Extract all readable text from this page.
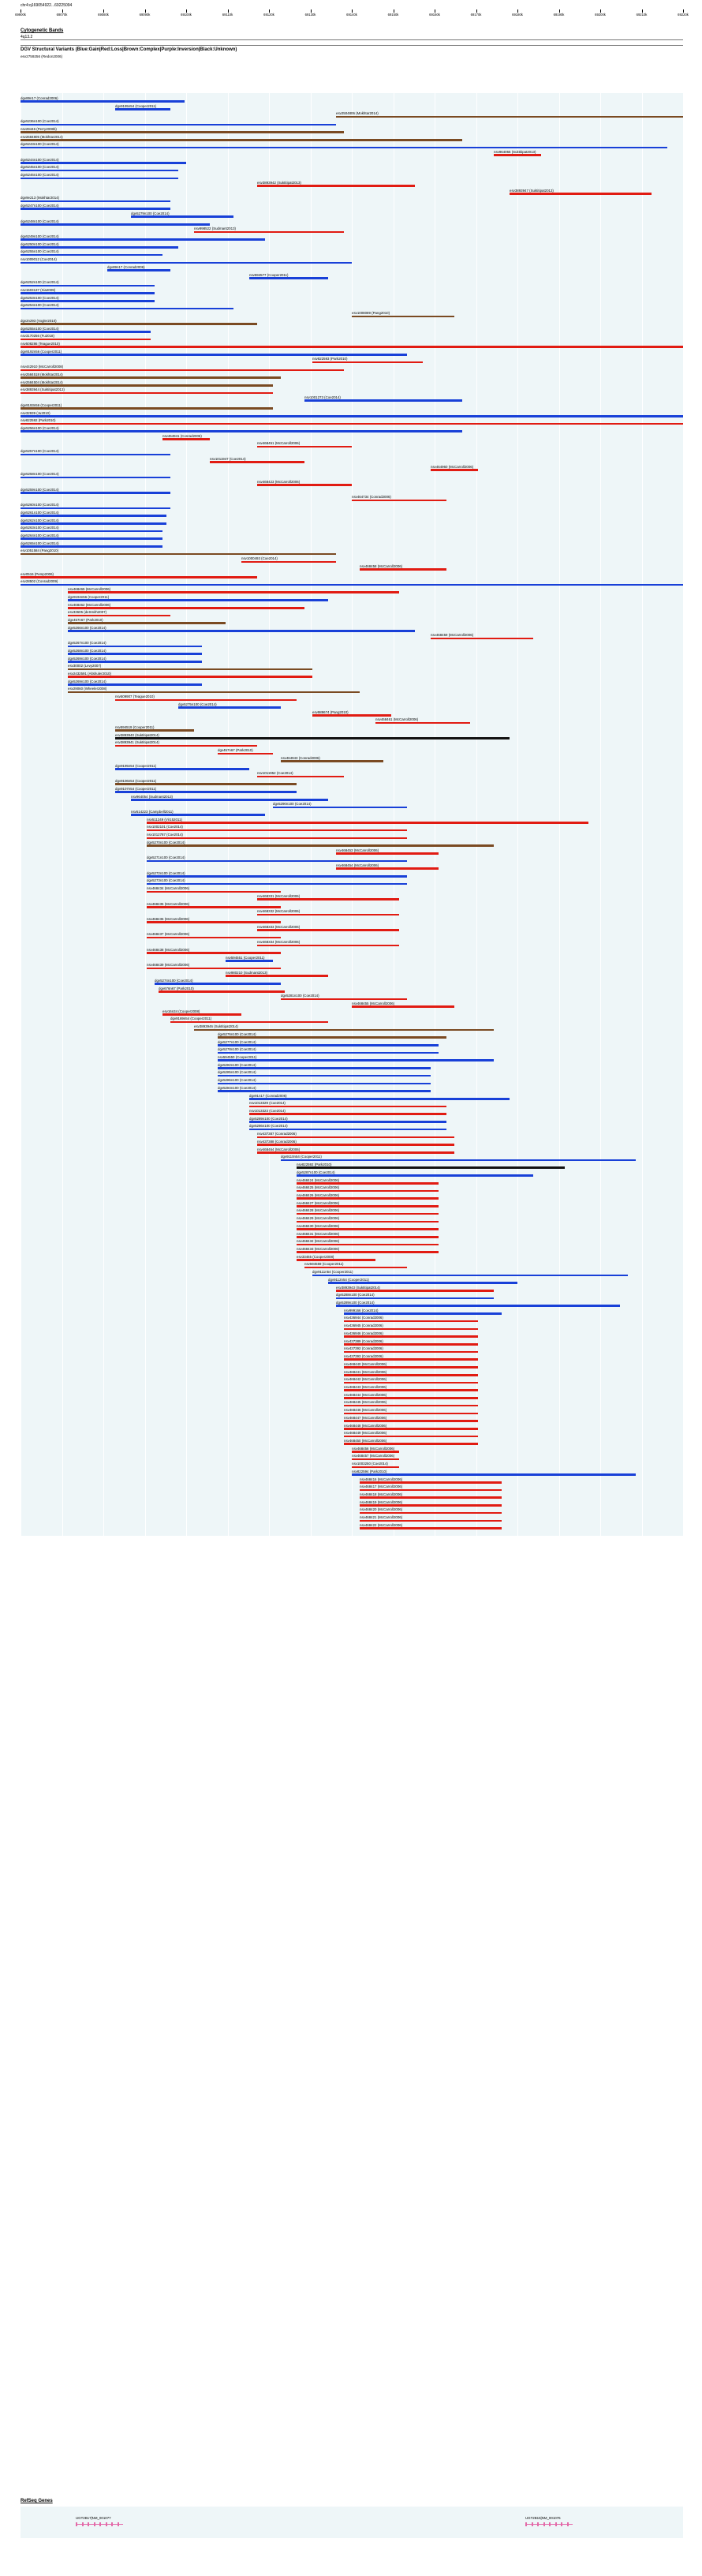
chr4:q169054922...69225094
69900k	69070k	69080k	69090k	69100k	69110k	69120k	69130k	69140k	69150k	69160k	69170k	69180k	69190k	69200k	69210k	69220k
Cytogenetic Bands
4q13.2
DGV Structural Variants (Blue:Gain|Red:Loss|Brown:Complex|Purple:Inversion|Black:Unknown)
esv2759256 (Redon2006)
dgv89n17 (Conrad2006)
dgv9195n54 (Cooper2011)
esv2504806 (Mokhtar2014)
dgv5236n100 (Coe2014)
nsv29446 (Perry2008b)
esv2684805 (Mokhtar2014)
dgv5243n100 (Coe2014)
nsv964055 (Suktitipat2013)
dgv5244n100 (Coe2014)
dgv5245n100 (Coe2014)
dgv5246n100 (Coe2014)
esv3893942 (Suktitipat2013)
esv3893947 (Suktitipat2013)
dgv9e213 (Mokhtar2014)
dgv5247n100 (Coe2014)
dgv5279n100 (Coe2014)
dgv5248n100 (Coe2014)
nsv998522 (Sudmant2013)
dgv5249n100 (Coe2014)
dgv5250n100 (Coe2014)
dgv5255n100 (Coe2014)
nsv1009012 (Coe2014)
dgv89n17 (Conrad2006)
nsv594577 (Cooper2011)
dgv5252n100 (Coe2014)
nsv1503137 (Xia2009)
dgv5253n100 (Coe2014)
dgv5254n100 (Coe2014)
esv1008089 (Pang2010)
dgv2n293 (Vogler2010)
dgv5255n100 (Coe2014)
nsv3170256 (Fu2018)
nsv508286 (Teague2010)
dgv9192n56 (Cooper2011)
nsv822593 (Park2010)
nsv442910 (McCarroll2008)
esv2584518 (Mokhtar2014)
esv2584504 (Mokhtar2014)
esv3893944 (Suktitipat2013)
nsv1001273 (Coe2014)
dgv9193n56 (Cooper2011)
nsv32939 (Ju2010)
nsv822592 (Park2010)
dgv5256n100 (Coe2014)
nsv464941 (Conrad2006)
nsv468451 (McCarroll2006)
dgv5257n100 (Coe2014)
nsv1011947 (Coe2014)
nsv464960 (McCarroll2006)
dgv5258n100 (Coe2014)
nsv468423 (McCarroll2006)
dgv5259n100 (Coe2014)
nsv464734 (Conrad2006)
dgv5260n100 (Coe2014)
dgv5261n100 (Coe2014)
dgv5262n100 (Coe2014)
dgv5263n100 (Coe2014)
dgv5264n100 (Coe2014)
dgv5265n100 (Coe2014)
esv1051584 (Pang2010)
nsv1000493 (Coe2014)
nsv468458 (McCarroll2006)
esv0516 (Pemp2006)
esv28502 (Conrad2009)
nsv468465 (McCarroll2006)
dgv9194n56 (Cooper2011)
nsv468462 (McCarroll2006)
esv33605 (deSmith2007)
dgv457n67 (Park2010)
dgv5266n100 (Coe2014)
nsv468459 (McCarroll2006)
dgv5267n100 (Coe2014)
dgv5268n100 (Coe2014)
dgv5269n100 (Coe2014)
esv30002 (Levy2007)
esv2432591 (Altshuler2010)
dgv5269n100 (Coe2014)
esv29060 (Wheeler2008)
nsv509907 (Teague2010)
dgv5275n100 (Coe2014)
esv989674 (Pang2010)
nsv468461 (McCarroll2006)
nsv594519 (Cooper2011)
esv3893940 (Suktitipat2014)
esv3893941 (Suktitipat2014)
dgv457n67 (Park2010)
nsv464943 (Conrad2006)
dgv9195n54 (Cooper2011)
nsv1011952 (Coe2014)
dgv9106n54 (Cooper2011)
dgv9107n54 (Cooper2011)
nsv964054 (Sudmant2013)
dgv5290n100 (Coe2014)
nsv514223 (Campbell2011)
nsv511249 (Vir152011)
nsv1002101 (Coe2014)
nsv1012787 (Coe2014)
dgv5270n100 (Coe2014)
nsv468453 (McCarroll2006)
dgv5271n100 (Coe2014)
nsv468454 (McCarroll2006)
dgv5272n100 (Coe2014)
dgv5273n100 (Coe2014)
nsv468434 (McCarroll2006)
nsv468331 (McCarroll2006)
nsv468435 (McCarroll2006)
nsv468332 (McCarroll2006)
nsv468436 (McCarroll2006)
nsv468333 (McCarroll2006)
nsv468437 (McCarroll2006)
nsv468334 (McCarroll2006)
nsv468438 (McCarroll2006)
nsv594551 (Cooper2011)
nsv468439 (McCarroll2006)
nsv980210 (Sudmant2013)
dgv5274n100 (Coe2014)
dgv676n67 (Park2010)
dgv5281n100 (Coe2014)
nsv468455 (McCarroll2006)
esv16n34 (Cooper2008)
dgv9169n54 (Cooper2011)
esv3893946 (Suktitipat2014)
dgv5276n100 (Coe2014)
dgv5277n100 (Coe2014)
dgv5278n100 (Coe2014)
nsv594550 (Cooper2011)
dgv5282n100 (Coe2014)
dgv5285n100 (Coe2014)
dgv5286n100 (Coe2014)
dgv5284n100 (Coe2014)
dgv91n17 (Conrad2006)
nsv1013329 (Coe2014)
nsv1013323 (Coe2014)
dgv5289n100 (Coe2014)
dgv5286n100 (Coe2014)
nsv437387 (Conrad2006)
nsv437388 (Conrad2006)
nsv468464 (McCarroll2006)
dgv9110n54 (Cooper2011)
nsv822592 (Park2010)
dgv5287n100 (Coe2014)
nsv468424 (McCarroll2006)
nsv468425 (McCarroll2006)
nsv468426 (McCarroll2006)
nsv468427 (McCarroll2006)
nsv468428 (McCarroll2006)
nsv468429 (McCarroll2006)
nsv468430 (McCarroll2006)
nsv468431 (McCarroll2006)
nsv468432 (McCarroll2006)
nsv468433 (McCarroll2006)
esv33465 (Cooper2008)
nsv594559 (Cooper2011)
dgv9111n54 (Cooper2011)
dgv9112n54 (Cooper2011)
esv3893943 (Suktitipat2014)
dgv5288n100 (Coe2014)
dgv5289n100 (Coe2014)
nsv999166 (Coe2014)
nsv436944 (Conrad2006)
nsv436945 (Conrad2006)
nsv436946 (Conrad2006)
nsv437389 (Conrad2006)
nsv437392 (Conrad2006)
nsv437393 (Conrad2006)
nsv468440 (McCarroll2006)
nsv468441 (McCarroll2006)
nsv468442 (McCarroll2006)
nsv468443 (McCarroll2006)
nsv468444 (McCarroll2006)
nsv468445 (McCarroll2006)
nsv468446 (McCarroll2006)
nsv468447 (McCarroll2006)
nsv468448 (McCarroll2006)
nsv468449 (McCarroll2006)
nsv468450 (McCarroll2006)
nsv468456 (McCarroll2006)
nsv468457 (McCarroll2006)
nsv1003250 (Coe2014)
nsv822594 (Park2010)
nsv468416 (McCarroll2006)
nsv468417 (McCarroll2006)
nsv468418 (McCarroll2006)
nsv468419 (McCarroll2006)
nsv468420 (McCarroll2006)
nsv468421 (McCarroll2006)
nsv468422 (McCarroll2006)
RefSeq Genes
UGT2B17|NM_001077	UGT2B15|NM_001076
